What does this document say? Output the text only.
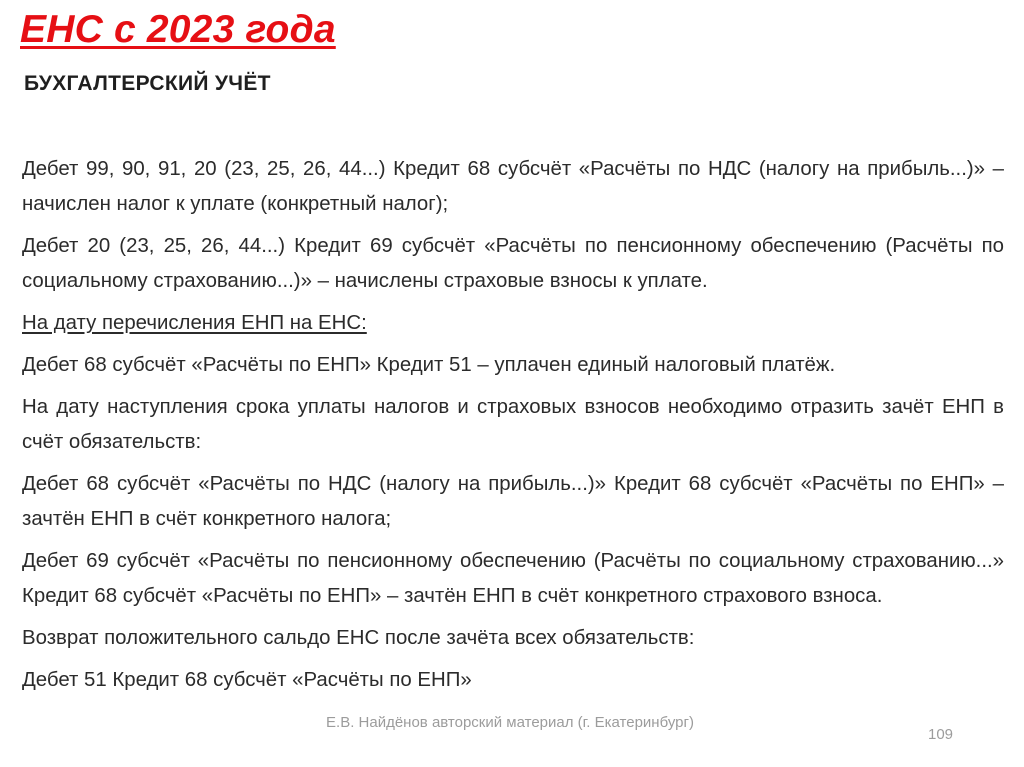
ЕНС с 2023 года
БУХГАЛТЕРСКИЙ УЧЁТ

Дебет 99, 90, 91, 20 (23, 25, 26, 44...) Кредит 68 субсчёт «Расчёты по НДС (налогу на прибыль...)» – начислен налог к уплате (конкретный налог);

Дебет 20 (23, 25, 26, 44...) Кредит 69 субсчёт «Расчёты по пенсионному обеспечению (Расчёты по социальному страхованию...)» – начислены страховые взносы к уплате.

На дату перечисления ЕНП на ЕНС:

Дебет 68 субсчёт «Расчёты по ЕНП» Кредит 51 – уплачен единый налоговый платёж.

На дату наступления срока уплаты налогов и страховых взносов необходимо отразить зачёт ЕНП в счёт обязательств:

Дебет 68 субсчёт «Расчёты по НДС (налогу на прибыль...)» Кредит 68 субсчёт «Расчёты по ЕНП» – зачтён ЕНП в счёт конкретного налога;

Дебет 69 субсчёт «Расчёты по пенсионному обеспечению (Расчёты по социальному страхованию...» Кредит 68 субсчёт «Расчёты по ЕНП» – зачтён ЕНП в счёт конкретного страхового взноса.

Возврат положительного сальдо ЕНС после зачёта всех обязательств:

Дебет 51 Кредит 68 субсчёт «Расчёты по ЕНП»

Е.В. Найдёнов авторский материал (г. Екатеринбург)
109
